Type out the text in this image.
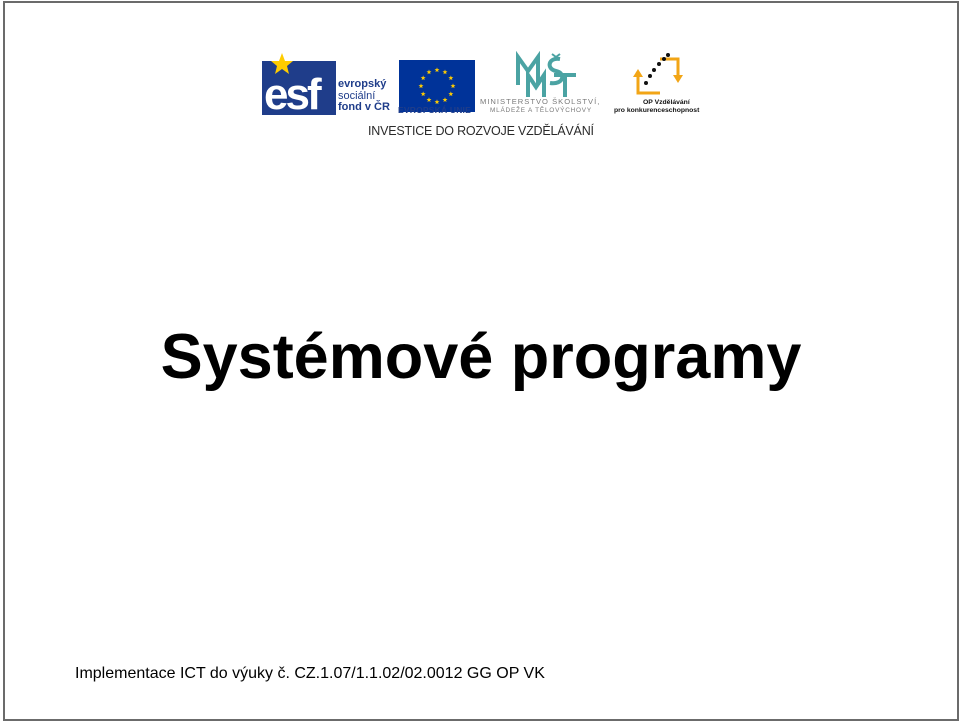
esf	evropský
sociální
fond v ČR EVROPSKÁ UNIE
MINISTERSTVO ŠKOLSTVÍ,
MLÁDEŽE A TĚLOVÝCHOVY
OP Vzdělávání
pro konkurenceschopnost
INVESTICE DO ROZVOJE VZDĚLÁVÁNÍ
Systémové programy
Implementace ICT do výuky č. CZ.1.07/1.1.02/02.0012 GG OP VK
